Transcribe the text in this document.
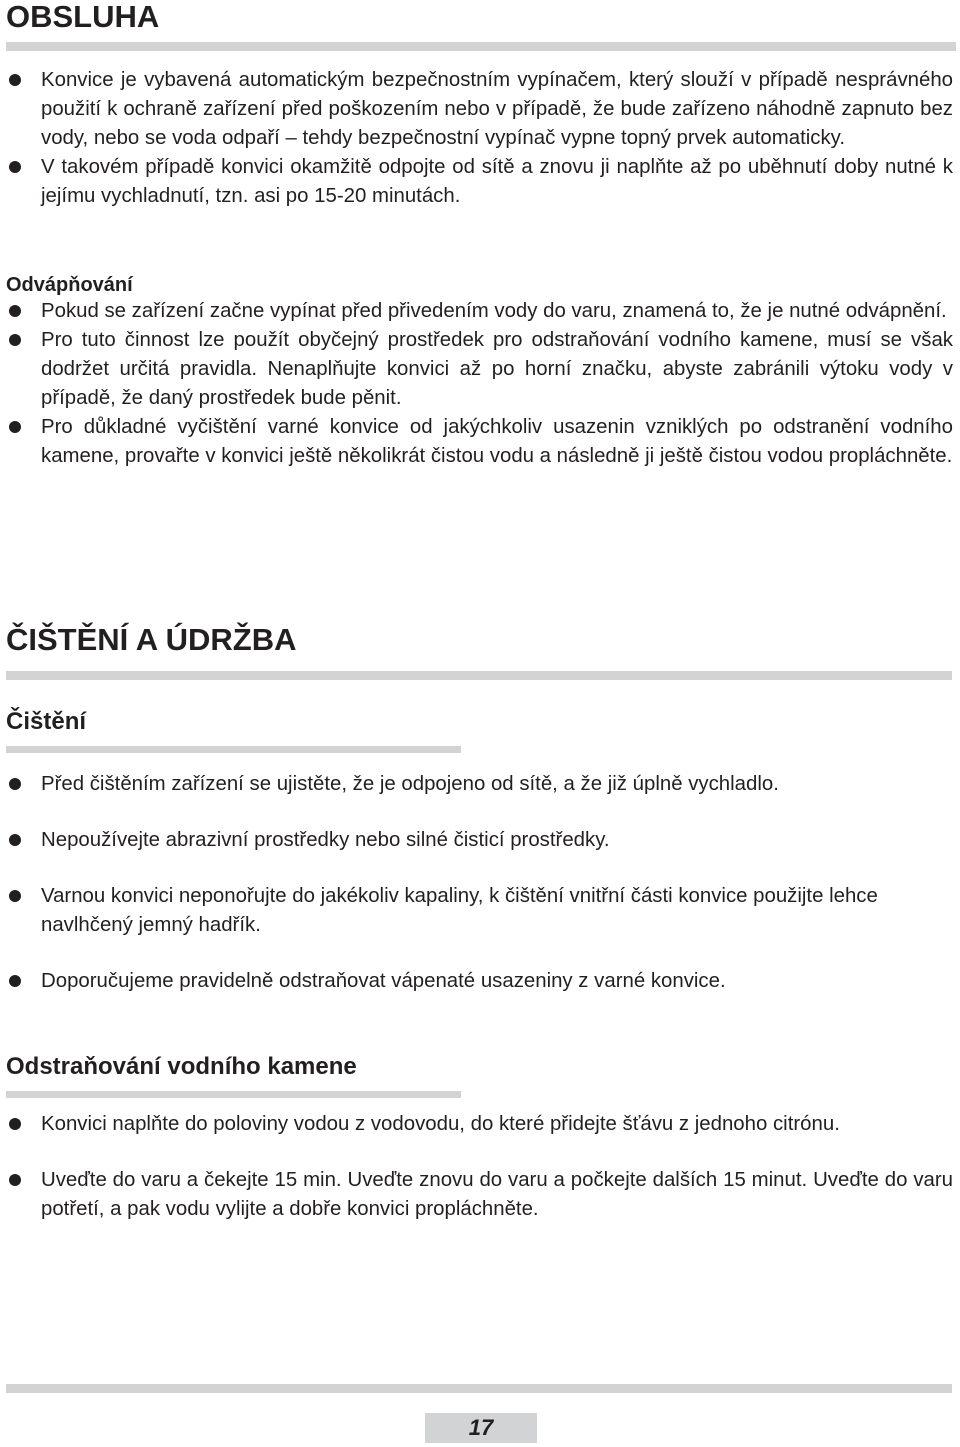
OBSLUHA
Konvice je vybavená automatickým bezpečnostním vypínačem, který slouží v případě nesprávného použití k ochraně zařízení před poškozením nebo v případě, že bude zařízeno náhodně zapnuto bez vody, nebo se voda odpaří – tehdy bezpečnostní vypínač vypne topný prvek automaticky.
V takovém případě konvici okamžitě odpojte od sítě a znovu ji naplňte až po uběhnutí doby nutné k jejímu vychladnutí, tzn. asi po 15-20 minutách.
Odvápňování
Pokud se zařízení začne vypínat před přivedením vody do varu, znamená to, že je nutné odvápnění.
Pro tuto činnost lze použít obyčejný prostředek pro odstraňování vodního kamene, musí se však dodržet určitá pravidla. Nenaplňujte konvici až po horní značku, abyste zabránili výtoku vody v případě, že daný prostředek bude pěnit.
Pro důkladné vyčištění varné konvice od jakýchkoliv usazenin vzniklých po odstranění vodního kamene, provařte v konvici ještě několikrát čistou vodu a následně ji ještě čistou vodou propláchněte.
ČIŠTĚNÍ A ÚDRŽBA
Čištění
Před čištěním zařízení se ujistěte, že je odpojeno od sítě, a že již úplně vychladlo.
Nepoužívejte abrazivní prostředky nebo silné čisticí prostředky.
Varnou konvici neponořujte do jakékoliv kapaliny, k čištění vnitřní části konvice použijte lehce navlhčený jemný hadřík.
Doporučujeme pravidelně odstraňovat vápenaté usazeniny z varné konvice.
Odstraňování vodního kamene
Konvici naplňte do poloviny vodou z vodovodu, do které přidejte šťávu z jednoho citrónu.
Uveďte do varu a čekejte 15 min. Uveďte znovu do varu a počkejte dalších 15 minut. Uveďte do varu potřetí, a pak vodu vylijte a dobře konvici propláchněte.
17
